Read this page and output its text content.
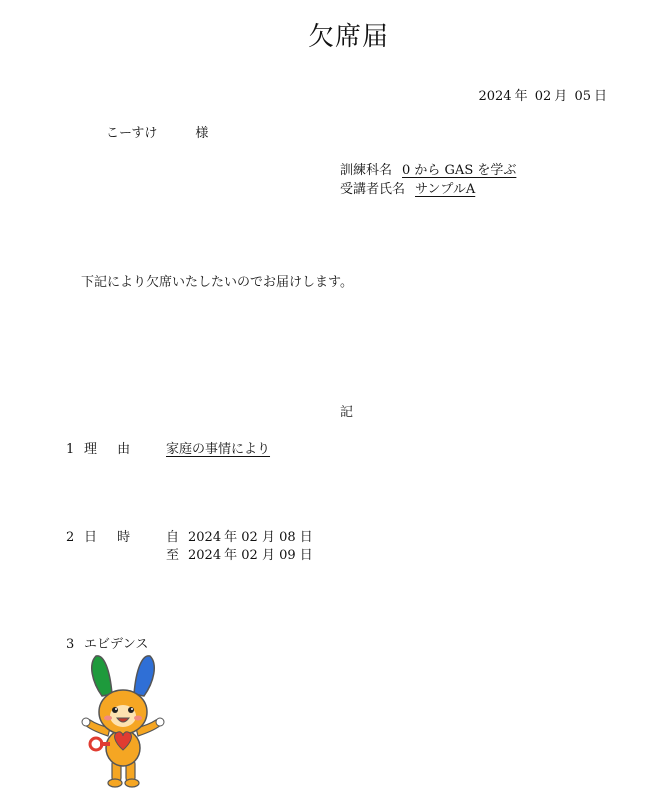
欠席届
2024 年 02 月 05 日
こーすけ	様
訓練科名 0 から GAS を学ぶ
受講者氏名 サンプルA
下記により欠席いたしたいのでお届けします。
記
1 理 由 家庭の事情により
2 日 時 自 2024 年 02 月 08 日
至 2024 年 02 月 09 日
3 エビデンス
